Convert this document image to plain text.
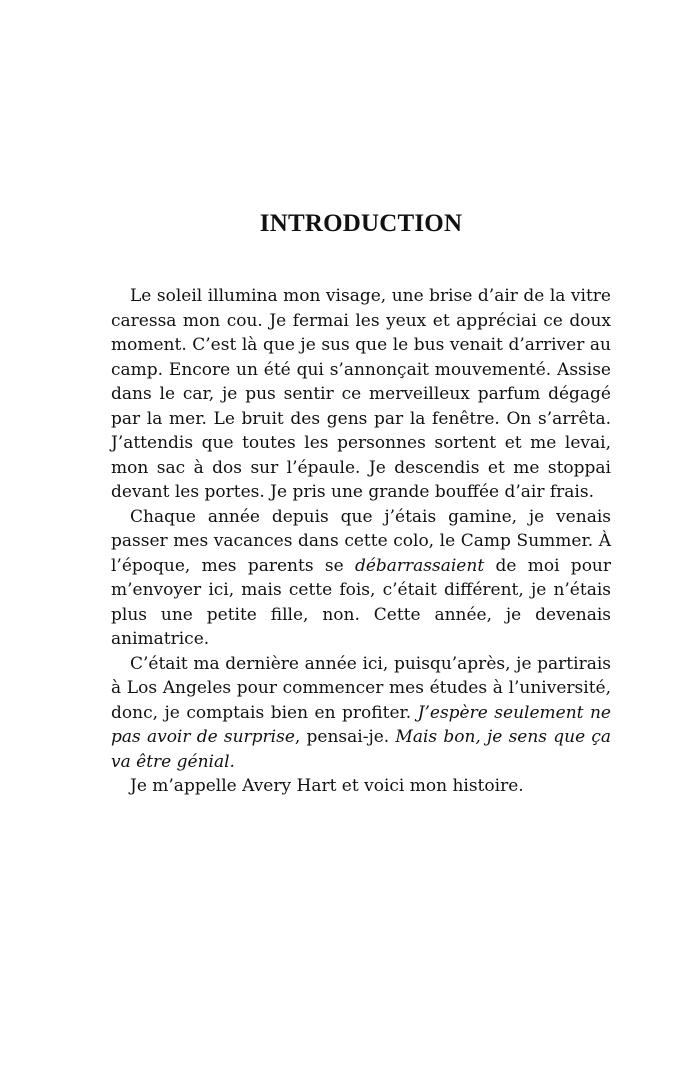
INTRODUCTION

Le soleil illumina mon visage, une brise d’air de la vitre caressa mon cou. Je fermai les yeux et appréciai ce doux moment. C’est là que je sus que le bus venait d’arriver au camp. Encore un été qui s’annonçait mouvementé. Assise dans le car, je pus sentir ce merveilleux parfum dégagé par la mer. Le bruit des gens par la fenêtre. On s’arrêta. J’attendis que toutes les personnes sortent et me levai, mon sac à dos sur l’épaule. Je descendis et me stoppai devant les portes. Je pris une grande bouffée d’air frais.

Chaque année depuis que j’étais gamine, je venais passer mes vacances dans cette colo, le Camp Summer. À l’époque, mes parents se débarrassaient de moi pour m’envoyer ici, mais cette fois, c’était différent, je n’étais plus une petite fille, non. Cette année, je devenais animatrice.

C’était ma dernière année ici, puisqu’après, je partirais à Los Angeles pour commencer mes études à l’université, donc, je comptais bien en profiter. J’espère seulement ne pas avoir de surprise, pensai-je. Mais bon, je sens que ça va être génial.

Je m’appelle Avery Hart et voici mon histoire.
